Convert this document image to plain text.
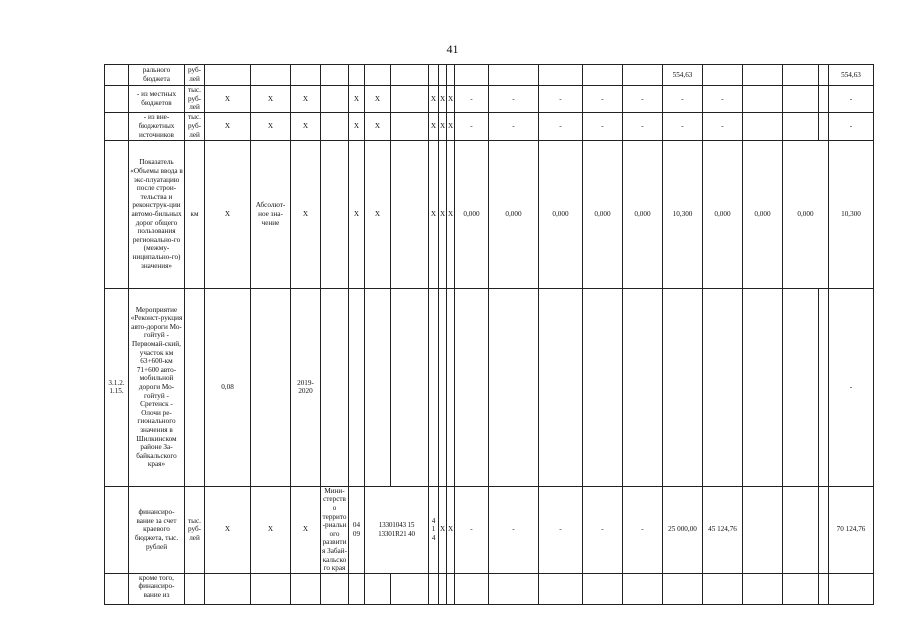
41
	рального бюджета	руб-лей																554,63					554,63
	- из местных бюджетов	тыс. руб-лей	X	X	X		X	X		X	X	X	-	-	-	-	-	-	-				-
	- из вне-бюджетных источников	тыс. руб-лей	X	X	X		X	X		X	X	X	-	-	-	-	-	-	-				-
	Показатель «Объемы ввода в экс-плуатацию после строи-тельства и реконструк-ции автомо-бильных дорог общего пользования регионально-го (межму-ниципально-го) значения»	км	X	Абсолют-ное зна-чение	X		X	X		X	X	X	0,000	0,000	0,000	0,000	0,000	10,300	0,000	0,000	0,000		10,300
3.1.2. 1.15.	Мероприятие «Реконст-рукция авто-дороги Мо-гойтуй - Первомай-ский, участок км 63+600-км 71+600 авто-мобильной дороги Мо-гойтуй - Сретенск - Олочи ре-гионального значения в Шилкинском районе За-байкальского края»		0,08		2019-2020																		-
	финансиро-вание за счет краевого бюджета, тыс. рублей	тыс. руб-лей	X	X	X	Мини-стерство террито-риального развития Забай-кальского края	04 09	13301043 15 13301R21 40		4 1 4	X	X	-	-	-	-	-	25 000,00	45 124,76				70 124,76
	кроме того, финансиро-вание из																						
